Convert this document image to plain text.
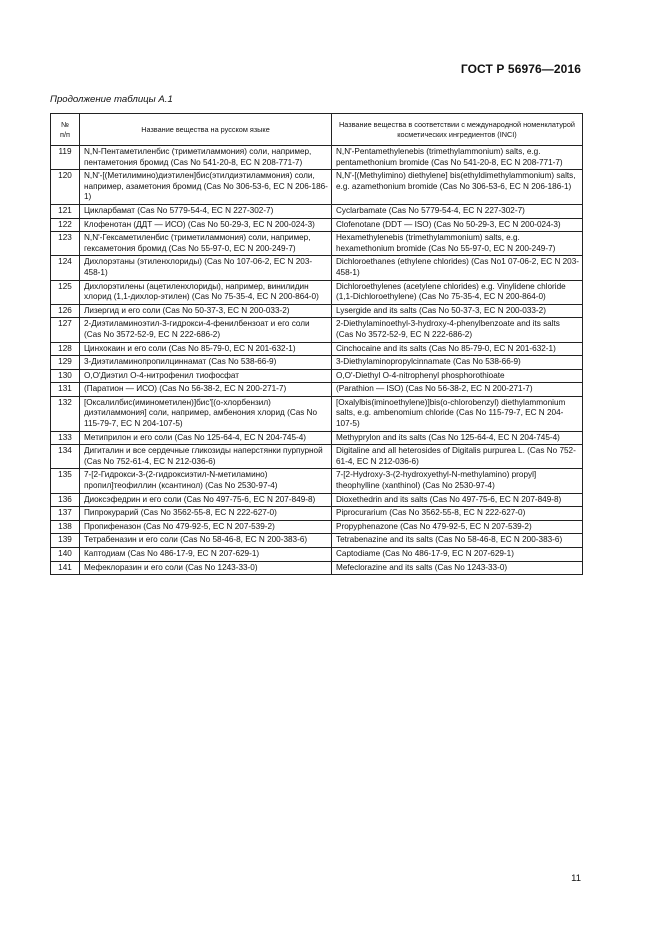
ГОСТ Р 56976—2016
Продолжение таблицы А.1
№
п/п	Название вещества на русском языке	Название вещества в соответствии с международной номенклатурой косметических ингредиентов (INCI)
119	N,N-Пентаметиленбис (триметиламмония) соли, например, пентаметония бромид (Cas No 541-20-8, EC N 208-771-7)	N,N'-Pentamethylenebis (trimethylammonium) salts, e.g. pentamethonium bromide (Cas No 541-20-8, EC N 208-771-7)
120	N,N'-[(Метилимино)диэтилен]бис(этилдиэтиламмония) соли, например, азаметония бромид (Cas No 306-53-6, EC N 206-186-1)	N,N'-[(Methylimino) diethylene] bis(ethyldimethylammonium) salts, e.g. azamethonium bromide (Cas No 306-53-6, EC N 206-186-1)
121	Цикларбамат (Cas No 5779-54-4, EC N 227-302-7)	Cyclarbamate (Cas No 5779-54-4, EC N 227-302-7)
122	Клофенотан (ДДТ — ИСО) (Cas No 50-29-3, EC N 200-024-3)	Clofenotane (DDT — ISO) (Cas No 50-29-3, EC N 200-024-3)
123	N,N'-Гексаметиленбис (триметиламмония) соли, например, гексаметония бромид (Cas No 55-97-0, EC N 200-249-7)	Hexamethylenebis (trimethylammonium) salts, e.g. hexamethonium bromide (Cas No 55-97-0, EC N 200-249-7)
124	Дихлорэтаны (этиленхлориды) (Cas No 107-06-2, EC N 203-458-1)	Dichloroethanes (ethylene chlorides) (Cas No1 07-06-2, EC N 203-458-1)
125	Дихлорэтилены (ацетиленхлориды), например, винилидин хлорид (1,1-дихлор-этилен) (Cas No 75-35-4, EC N 200-864-0)	Dichloroethylenes (acetylene chlorides) e.g. Vinylidene chloride (1,1-Dichloroethylene) (Cas No 75-35-4, EC N 200-864-0)
126	Лизергид и его соли (Cas No 50-37-3, EC N 200-033-2)	Lysergide and its salts (Cas No 50-37-3, EC N 200-033-2)
127	2-Диэтиламиноэтил-3-гидрокси-4-фенилбензоат и его соли (Cas No 3572-52-9, EC N 222-686-2)	2-Diethylaminoethyl-3-hydroxy-4-phenylbenzoate and its salts (Cas No 3572-52-9, EC N 222-686-2)
128	Цинхокаин и его соли (Cas No 85-79-0, EC N 201-632-1)	Cinchocaine and its salts (Cas No 85-79-0, EC N 201-632-1)
129	3-Диэтиламинопропилциннамат (Cas No 538-66-9)	3-Diethylaminopropylcinnamate (Cas No 538-66-9)
130	O,O'Диэтил O-4-нитрофенил тиофосфат	O,O'-Diethyl O-4-nitrophenyl phosphorothioate
131	(Паратион — ИСО) (Cas No 56-38-2, EC N 200-271-7)	(Parathion — ISO) (Cas No 56-38-2, EC N 200-271-7)
132	[Оксалилбис(иминометилен)]бис'[(о-хлорбензил) диэтиламмония] соли, например, амбенония хлорид (Cas No 115-79-7, EC N 204-107-5)	[Oxalylbis(iminoethylene)]bis(o-chlorobenzyl) diethylammonium salts, e.g. ambenomium chloride (Cas No 115-79-7, EC N 204-107-5)
133	Метиприлон и его соли (Cas No 125-64-4, EC N 204-745-4)	Methyprylon and its salts (Cas No 125-64-4, EC N 204-745-4)
134	Дигиталин и все сердечные гликозиды наперстянки пурпурной (Cas No 752-61-4, EC N 212-036-6)	Digitaline and all heterosides of Digitalis purpurea L. (Cas No 752-61-4, EC N 212-036-6)
135	7-[2-Гидрокси-3-(2-гидроксиэтил-N-метиламино) пропил]теофиллин (ксантинол) (Cas No 2530-97-4)	7-[2-Hydroxy-3-(2-hydroxyethyl-N-methylamino) propyl] theophylline (xanthinol) (Cas No 2530-97-4)
136	Диоксэфедрин и его соли (Cas No 497-75-6, EC N 207-849-8)	Dioxethedrin and its salts (Cas No 497-75-6, EC N 207-849-8)
137	Пипрокурарий (Cas No 3562-55-8, EC N 222-627-0)	Piprocurarium (Cas No 3562-55-8, EC N 222-627-0)
138	Пропифеназон (Cas No 479-92-5, EC N 207-539-2)	Propyphenazone (Cas No 479-92-5, EC N 207-539-2)
139	Тетрабеназин и его соли (Cas No 58-46-8, EC N 200-383-6)	Tetrabenazine and its salts (Cas No 58-46-8, EC N 200-383-6)
140	Каптодиам (Cas No 486-17-9, EC N 207-629-1)	Captodiame (Cas No 486-17-9, EC N 207-629-1)
141	Мефеклоразин и его соли (Cas No 1243-33-0)	Mefeclorazine and its salts (Cas No 1243-33-0)
11
